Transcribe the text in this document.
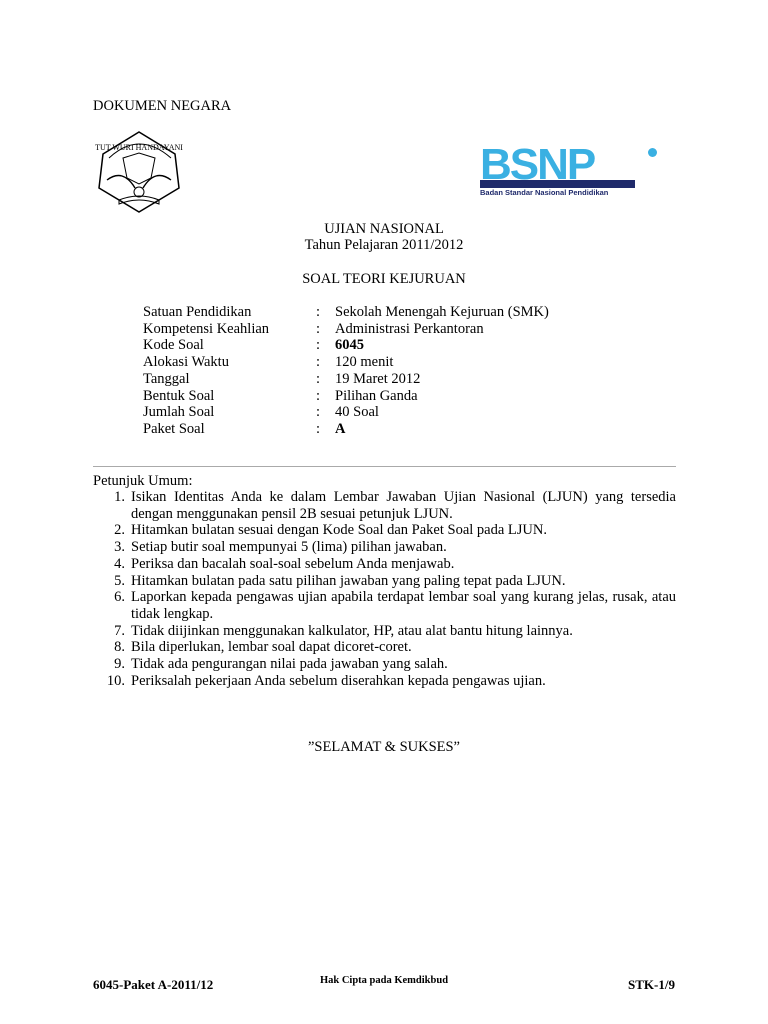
DOKUMEN NEGARA
TUT WURI HANDAYANI	BSNP
Badan Standar Nasional Pendidikan
UJIAN NASIONAL
Tahun Pelajaran 2011/2012
SOAL TEORI KEJURUAN
Satuan Pendidikan	:	Sekolah Menengah Kejuruan (SMK)
Kompetensi Keahlian	:	Administrasi Perkantoran
Kode Soal	:	6045
Alokasi Waktu	:	120 menit
Tanggal	:	19 Maret 2012
Bentuk Soal	:	Pilihan Ganda
Jumlah Soal	:	40 Soal
Paket Soal	:	A
Petunjuk Umum:
1. Isikan Identitas Anda ke dalam Lembar Jawaban Ujian Nasional (LJUN) yang tersedia dengan menggunakan pensil 2B sesuai petunjuk LJUN.
2. Hitamkan bulatan sesuai dengan Kode Soal dan Paket Soal pada LJUN.
3. Setiap butir soal mempunyai 5 (lima) pilihan jawaban.
4. Periksa dan bacalah soal-soal sebelum Anda menjawab.
5. Hitamkan bulatan pada satu pilihan jawaban yang paling tepat pada LJUN.
6. Laporkan kepada pengawas ujian apabila terdapat lembar soal yang kurang jelas, rusak, atau tidak lengkap.
7. Tidak diijinkan menggunakan kalkulator, HP, atau alat bantu hitung lainnya.
8. Bila diperlukan, lembar soal dapat dicoret-coret.
9. Tidak ada pengurangan nilai pada jawaban yang salah.
10. Periksalah pekerjaan Anda sebelum diserahkan kepada pengawas ujian.
”SELAMAT & SUKSES”
6045-Paket A-2011/12	Hak Cipta pada Kemdikbud	STK-1/9
